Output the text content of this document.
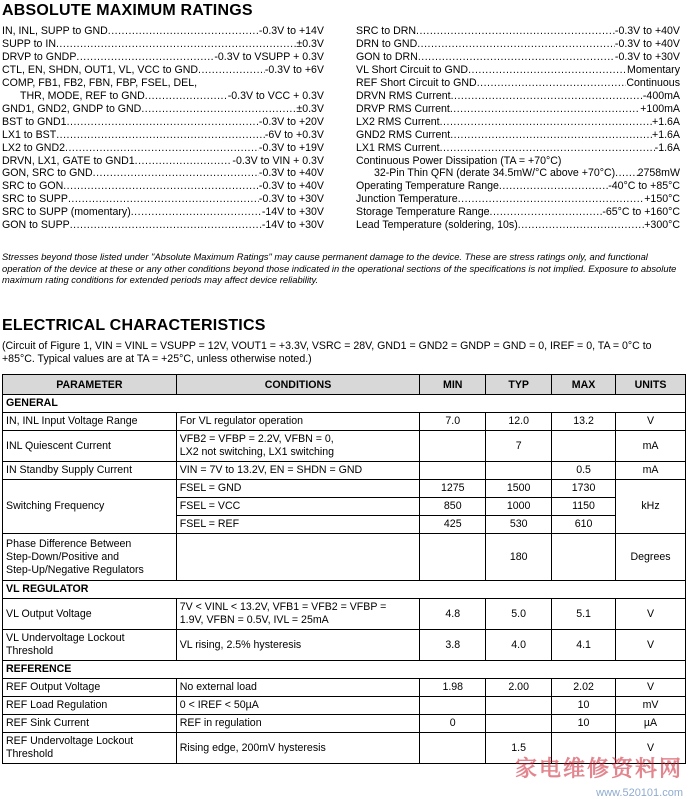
ABSOLUTE MAXIMUM RATINGS
IN, INL, SUPP to GND .....	-0.3V to +14V
SUPP to IN .....	±0.3V
DRVP to GNDP .....	-0.3V to VSUPP + 0.3V
CTL, EN, SHDN, OUT1, VL, VCC to GND .....	-0.3V to +6V
COMP, FB1, FB2, FBN, FBP, FSEL, DEL,
THR, MODE, REF to GND .....	-0.3V to VCC + 0.3V
GND1, GND2, GNDP to GND .....	±0.3V
BST to GND1 .....	-0.3V to +20V
LX1 to BST .....	-6V to +0.3V
LX2 to GND2 .....	-0.3V to +19V
DRVN, LX1, GATE to GND1 .....	-0.3V to VIN + 0.3V
GON, SRC to GND .....	-0.3V to +40V
SRC to GON .....	-0.3V to +40V
SRC to SUPP .....	-0.3V to +30V
SRC to SUPP (momentary) .....	-14V to +30V
GON to SUPP .....	-14V to +30V
SRC to DRN .....	-0.3V to +40V
DRN to GND .....	-0.3V to +40V
GON to DRN .....	-0.3V to +30V
VL Short Circuit to GND .....	Momentary
REF Short Circuit to GND .....	Continuous
DRVN RMS Current .....	-400mA
DRVP RMS Current .....	+100mA
LX2 RMS Current .....	+1.6A
GND2 RMS Current .....	+1.6A
LX1 RMS Current .....	-1.6A
Continuous Power Dissipation (TA = +70°C)
32-Pin Thin QFN (derate 34.5mW/°C above +70°C) ..... 2758mW
Operating Temperature Range .....	-40°C to +85°C
Junction Temperature .....	+150°C
Storage Temperature Range .....	-65°C to +160°C
Lead Temperature (soldering, 10s) .....	+300°C
Stresses beyond those listed under "Absolute Maximum Ratings" may cause permanent damage to the device. These are stress ratings only, and functional operation of the device at these or any other conditions beyond those indicated in the operational sections of the specifications is not implied. Exposure to absolute maximum rating conditions for extended periods may affect device reliability.
ELECTRICAL CHARACTERISTICS
(Circuit of Figure 1, VIN = VINL = VSUPP = 12V, VOUT1 = +3.3V, VSRC = 28V, GND1 = GND2 = GNDP = GND = 0, IREF = 0, TA = 0°C to +85°C. Typical values are at TA = +25°C, unless otherwise noted.)
PARAMETER	CONDITIONS	MIN	TYP	MAX	UNITS
GENERAL					
IN, INL Input Voltage Range	For VL regulator operation	7.0	12.0	13.2	V
INL Quiescent Current	VFB2 = VFBP = 2.2V, VFBN = 0,
LX2 not switching, LX1 switching		7		mA
IN Standby Supply Current	VIN = 7V to 13.2V, EN = SHDN = GND			0.5	mA
Switching Frequency	FSEL = GND	1275	1500	1730	kHz
	FSEL = VCC	850	1000	1150	
	FSEL = REF	425	530	610	

Phase Difference Between
Step-Down/Positive and
Step-Up/Negative Regulators			180		Degrees
VL REGULATOR					
VL Output Voltage	7V < VINL < 13.2V, VFB1 = VFB2 = VFBP =
1.9V, VFBN = 0.5V, IVL = 25mA	4.8	5.0	5.1	V

VL Undervoltage Lockout
Threshold	VL rising, 2.5% hysteresis	3.8	4.0	4.1	V
REFERENCE					
REF Output Voltage	No external load	1.98	2.00	2.02	V
REF Load Regulation	0 < IREF < 50µA			10	mV
REF Sink Current	REF in regulation	0		10	µA

REF Undervoltage Lockout
Threshold	Rising edge, 200mV hysteresis		1.5		V
家电维修资料网
www.520101.com
